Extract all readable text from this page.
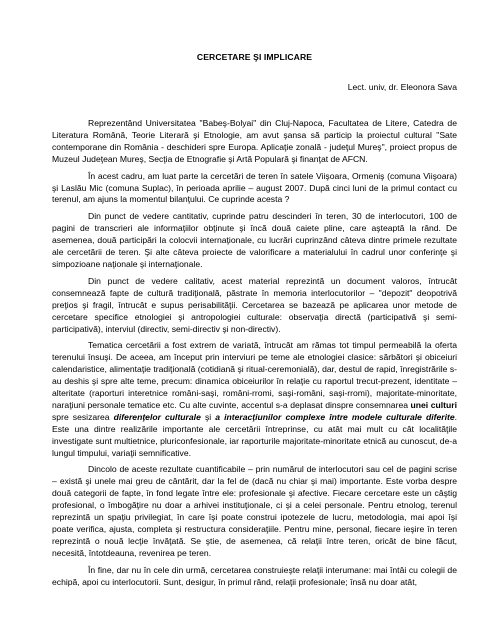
CERCETARE ŞI IMPLICARE
Lect. univ, dr. Eleonora Sava

Reprezentând Universitatea "Babeş-Bolyai" din Cluj-Napoca, Facultatea de Litere, Catedra de Literatura Română, Teorie Literară şi Etnologie, am avut şansa să particip la proiectul cultural "Sate contemporane din România - deschideri spre Europa. Aplicaţie zonală - judeţul Mureş", proiect propus de Muzeul Judeţean Mureş, Secţia de Etnografie şi Artă Populară şi finanţat de AFCN.

În acest cadru, am luat parte la cercetări de teren în satele Viişoara, Ormeniş (comuna Viişoara) şi Laslău Mic (comuna Suplac), în perioada aprilie – august 2007. După cinci luni de la primul contact cu terenul, am ajuns la momentul bilanţului. Ce cuprinde acesta ?

Din punct de vedere cantitativ, cuprinde patru descinderi în teren, 30 de interlocutori, 100 de pagini de transcrieri ale informaţiilor obţinute şi încă două caiete pline, care aşteaptă la rând. De asemenea, două participări la colocvii internaţionale, cu lucrări cuprinzând câteva dintre primele rezultate ale cercetării de teren. Şi alte câteva proiecte de valorificare a materialului în cadrul unor conferinţe şi simpozioane naţionale şi internaţionale.

Din punct de vedere calitativ, acest material reprezintă un document valoros, întrucât consemnează fapte de cultură tradiţională, păstrate în memoria interlocutorilor – "depozit" deopotrivă preţios şi fragil, întrucât e supus perisabilităţii. Cercetarea se bazează pe aplicarea unor metode de cercetare specifice etnologiei şi antropologiei culturale: observaţia directă (participativă şi semi-participativă), interviul (directiv, semi-directiv şi non-directiv).

Tematica cercetării a fost extrem de variată, întrucât am rămas tot timpul permeabilă la oferta terenului însuşi. De aceea, am început prin interviuri pe teme ale etnologiei clasice: sărbători şi obiceiuri calendaristice, alimentaţie tradiţională (cotidiană şi ritual-ceremonială), dar, destul de rapid, înregistrările s-au deshis şi spre alte teme, precum: dinamica obiceiurilor în relaţie cu raportul trecut-prezent, identitate – alteritate (raporturi interetnice români-saşi, români-rromi, saşi-români, saşi-rromi), majoritate-minoritate, naraţiuni personale tematice etc. Cu alte cuvinte, accentul s-a deplasat dinspre consemnarea unei culturi spre sesizarea diferenţelor culturale şi a interacţiunilor complexe între modele culturale diferite. Este una dintre realizările importante ale cercetării întreprinse, cu atât mai mult cu cât localităţile investigate sunt multietnice, pluriconfesionale, iar raporturile majoritate-minoritate etnică au cunoscut, de-a lungul timpului, variaţii semnificative.

Dincolo de aceste rezultate cuantificabile – prin numărul de interlocutori sau cel de pagini scrise – există şi unele mai greu de cântărit, dar la fel de (dacă nu chiar şi mai) importante. Este vorba despre două categorii de fapte, în fond legate între ele: profesionale şi afective. Fiecare cercetare este un câştig profesional, o îmbogăţire nu doar a arhivei instituţionale, ci şi a celei personale. Pentru etnolog, terenul reprezintă un spaţiu privilegiat, în care îşi poate construi ipotezele de lucru, metodologia, mai apoi îşi poate verifica, ajusta, completa şi restructura consideraţiile. Pentru mine, personal, fiecare ieşire în teren reprezintă o nouă lecţie învăţată. Se ştie, de asemenea, că relaţii între teren, oricât de bine făcut, necesită, întotdeauna, revenirea pe teren.

În fine, dar nu în cele din urmă, cercetarea construieşte relaţii interumane: mai întâi cu colegii de echipă, apoi cu interlocutorii. Sunt, desigur, în primul rând, relaţii profesionale; însă nu doar atât,
